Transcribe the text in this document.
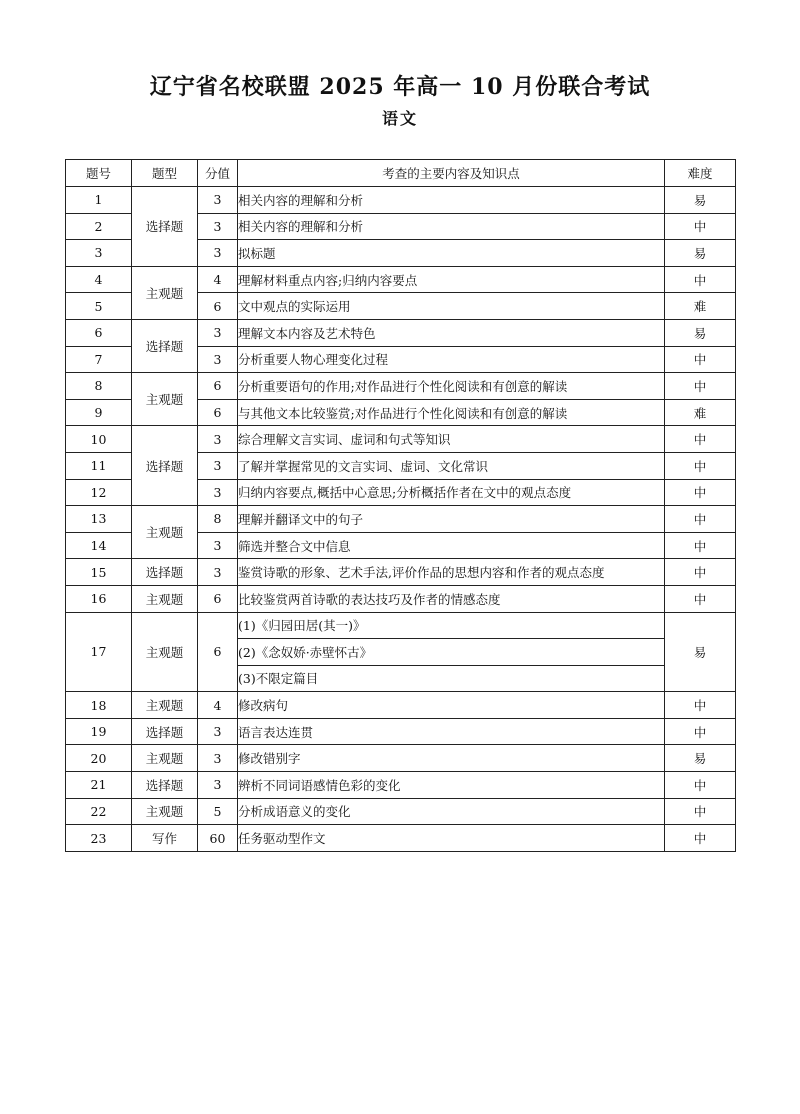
辽宁省名校联盟 2025 年高一 10 月份联合考试
语文
题号	题型	分值	考查的主要内容及知识点	难度
1	选择题	3	相关内容的理解和分析	易
2		3	相关内容的理解和分析	中
3		3	拟标题	易
4	主观题	4	理解材料重点内容;归纳内容要点	中
5		6	文中观点的实际运用	难
6	选择题	3	理解文本内容及艺术特色	易
7		3	分析重要人物心理变化过程	中
8	主观题	6	分析重要语句的作用;对作品进行个性化阅读和有创意的解读	中
9		6	与其他文本比较鉴赏;对作品进行个性化阅读和有创意的解读	难
10	选择题	3	综合理解文言实词、虚词和句式等知识	中
11		3	了解并掌握常见的文言实词、虚词、文化常识	中
12		3	归纳内容要点,概括中心意思;分析概括作者在文中的观点态度	中
13	主观题	8	理解并翻译文中的句子	中
14		3	筛选并整合文中信息	中
15	选择题	3	鉴赏诗歌的形象、艺术手法,评价作品的思想内容和作者的观点态度	中
16	主观题	6	比较鉴赏两首诗歌的表达技巧及作者的情感态度	中
17	主观题	6	(1)《归园田居(其一)》	易
			(2)《念奴娇·赤壁怀古》	
			(3)不限定篇目	
18	主观题	4	修改病句	中
19	选择题	3	语言表达连贯	中
20	主观题	3	修改错别字	易
21	选择题	3	辨析不同词语感情色彩的变化	中
22	主观题	5	分析成语意义的变化	中
23	写作	60	任务驱动型作文	中
